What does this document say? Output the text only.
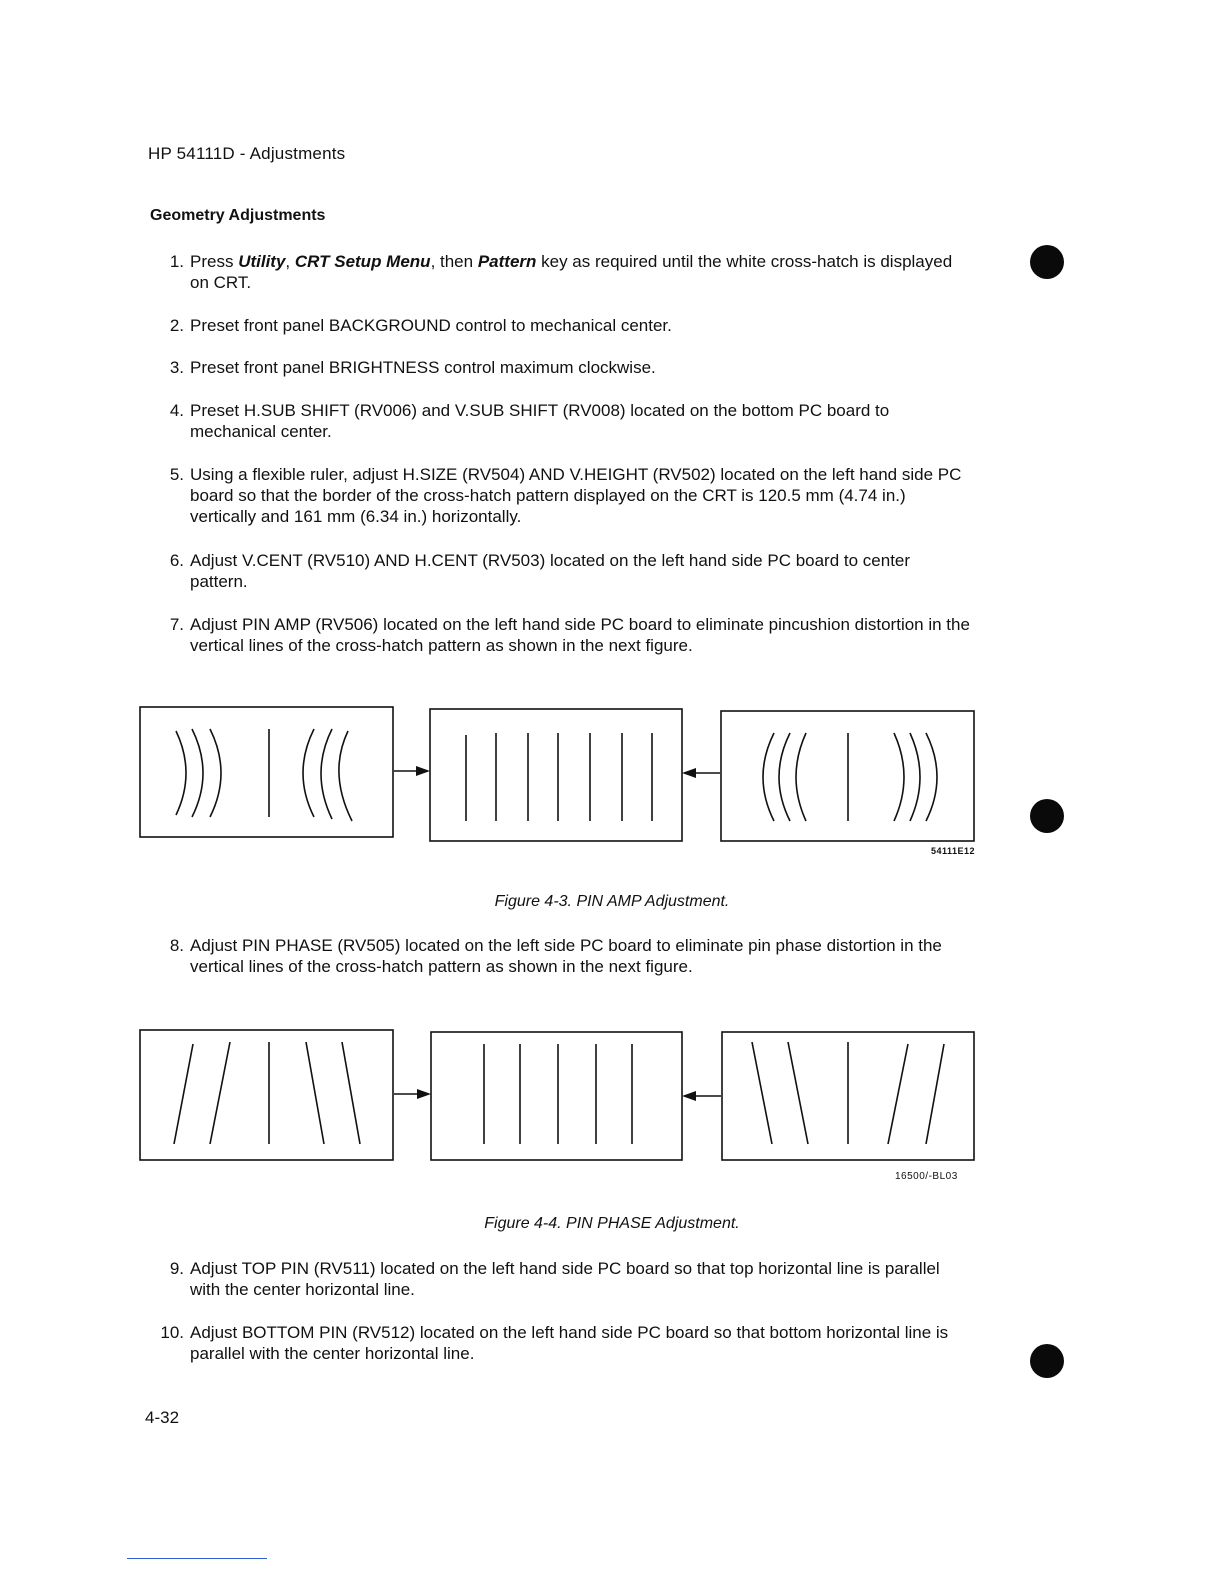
HP 54111D - Adjustments
Geometry Adjustments
1. Press Utility, CRT Setup Menu, then Pattern key as required until the white cross-hatch is displayed on CRT.
2. Preset front panel BACKGROUND control to mechanical center.
3. Preset front panel BRIGHTNESS control maximum clockwise.
4. Preset H.SUB SHIFT (RV006) and V.SUB SHIFT (RV008) located on the bottom PC board to mechanical center.
5. Using a flexible ruler, adjust H.SIZE (RV504) AND V.HEIGHT (RV502) located on the left hand side PC board so that the border of the cross-hatch pattern displayed on the CRT is 120.5 mm (4.74 in.) vertically and 161 mm (6.34 in.) horizontally.
6. Adjust V.CENT (RV510) AND H.CENT (RV503) located on the left hand side PC board to center pattern.
7. Adjust PIN AMP (RV506) located on the left hand side PC board to eliminate pincushion distortion in the vertical lines of the cross-hatch pattern as shown in the next figure.
54111E12
Figure 4-3. PIN AMP Adjustment.
8. Adjust PIN PHASE (RV505) located on the left side PC board to eliminate pin phase distortion in the vertical lines of the cross-hatch pattern as shown in the next figure.
16500/-BL03
Figure 4-4. PIN PHASE Adjustment.
9. Adjust TOP PIN (RV511) located on the left hand side PC board so that top horizontal line is parallel with the center horizontal line.
10. Adjust BOTTOM PIN (RV512) located on the left hand side PC board so that bottom horizontal line is parallel with the center horizontal line.
4-32
